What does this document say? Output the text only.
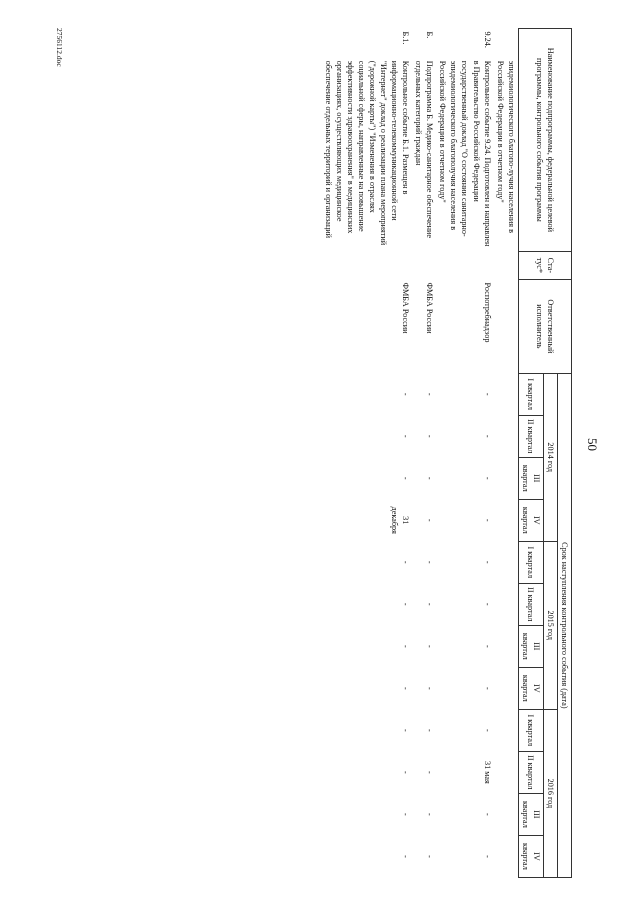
50
Наименование подпрограммы, федеральной целевой программы, контрольного события программы		Ста-тус*	Ответственный исполнитель	Срок наступления контрольного события (дата)											
				2014 год				2015 год				2016 год			
				I квартал	II квартал	III квартал	IV квартал	I квартал	II квартал	III квартал	IV квартал	I квартал	II квартал	III квартал	IV квартал
	эпидемиологического благопо-лучия населения в Российской Федерации в отчетном году"														
9.24.	Контрольное событие 9.24. Подготовлен и направлен в Правительство Российской Федерации государственный доклад "О состоянии санитарно-эпидемиологического благополучия населения в Российской Федерации в отчетном году"		Роспотребнадзор	-	-	-	-	-	-	-	-	-	31 мая	-	-
Б.	Подпрограмма Б. Медико-санитарное обеспечение отдельных категорий граждан		ФМБА России	-	-	-	-	-	-	-	-	-	-	-	-
Б.1.	Контрольное событие Б.1. Размещен в информационно-телекоммуникационной сети "Интернет" доклад о реализации плана мероприятий ("дорожной карты") "Изменения в отраслях социальной сферы, направленные на повышение эффективности здравоохранения" в медицинских организациях, осуществляющих медицинское обеспечение отдельных территорий и организаций		ФМБА России	-	-	-	31 декабря	-	-	-	-	-	-	-	-
2756112.doc
